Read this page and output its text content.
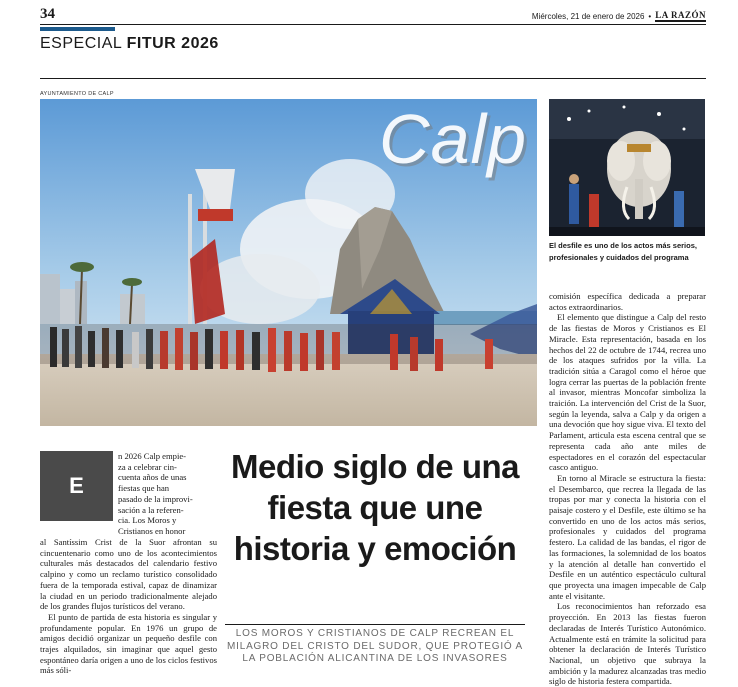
34	Miércoles, 21 de enero de 2026 • LA RAZÓN
ESPECIAL FITUR 2026
AYUNTAMIENTO DE CALP
Calp
El desfile es uno de los actos más serios, profesionales y cuidados del programa
E
n 2026 Calp empie-
za a celebrar cin-
cuenta años de unas
fiestas que han
pasado de la improvi-
sación a la referen-
cia. Los Moros y
Cristianos en honor
al Santíssim Crist de la Suor afrontan su cincuentenario como uno de los acontecimientos culturales más destacados del calendario festivo calpino y como un reclamo turístico consolidado fuera de la temporada estival, capaz de dinamizar la ciudad en un periodo tradicionalmente alejado de los grandes flujos turísticos del verano.

El punto de partida de esta historia es singular y profundamente popular. En 1976 un grupo de amigos decidió organizar un pequeño desfile con trajes alquilados, sin imaginar que aquel gesto espontáneo daría origen a uno de los ciclos festivos más sóli-

Medio siglo de una fiesta que une historia y emoción
LOS MOROS Y CRISTIANOS DE CALP RECREAN EL MILAGRO DEL CRISTO DEL SUDOR, QUE PROTEGIÓ A LA POBLACIÓN ALICANTINA DE LOS INVASORES
comisión específica dedicada a preparar actos extraordinarios.

El elemento que distingue a Calp del resto de las fiestas de Moros y Cristianos es El Miracle. Esta representación, basada en los hechos del 22 de octubre de 1744, recrea uno de los ataques sufridos por la villa. La tradición sitúa a Caragol como el héroe que logra cerrar las puertas de la población frente al invasor, mientras Moncofar simboliza la traición. La intervención del Crist de la Suor, según la leyenda, salva a Calp y da origen a una devoción que hoy sigue viva. El texto del Parlament, articula esta escena central que se representa cada año ante miles de espectadores en el corazón del espectacular casco antiguo.

En torno al Miracle se estructura la fiesta: el Desembarco, que recrea la llegada de las tropas por mar y conecta la historia con el paisaje costero y el Desfile, este último se ha convertido en uno de los actos más serios, profesionales y cuidados del programa festero. La calidad de las bandas, el rigor de las formaciones, la solemnidad de los boatos y la atención al detalle han convertido el Desfile en un auténtico espectáculo cultural que proyecta una imagen impecable de Calp ante el visitante.

Los reconocimientos han reforzado esa proyección. En 2013 las fiestas fueron declaradas de Interés Turístico Autonómico. Actualmente está en trámite la solicitud para obtener la declaración de Interés Turístico Nacional, un objetivo que subraya la ambición y la madurez alcanzadas tras medio siglo de historia festera compartida.
